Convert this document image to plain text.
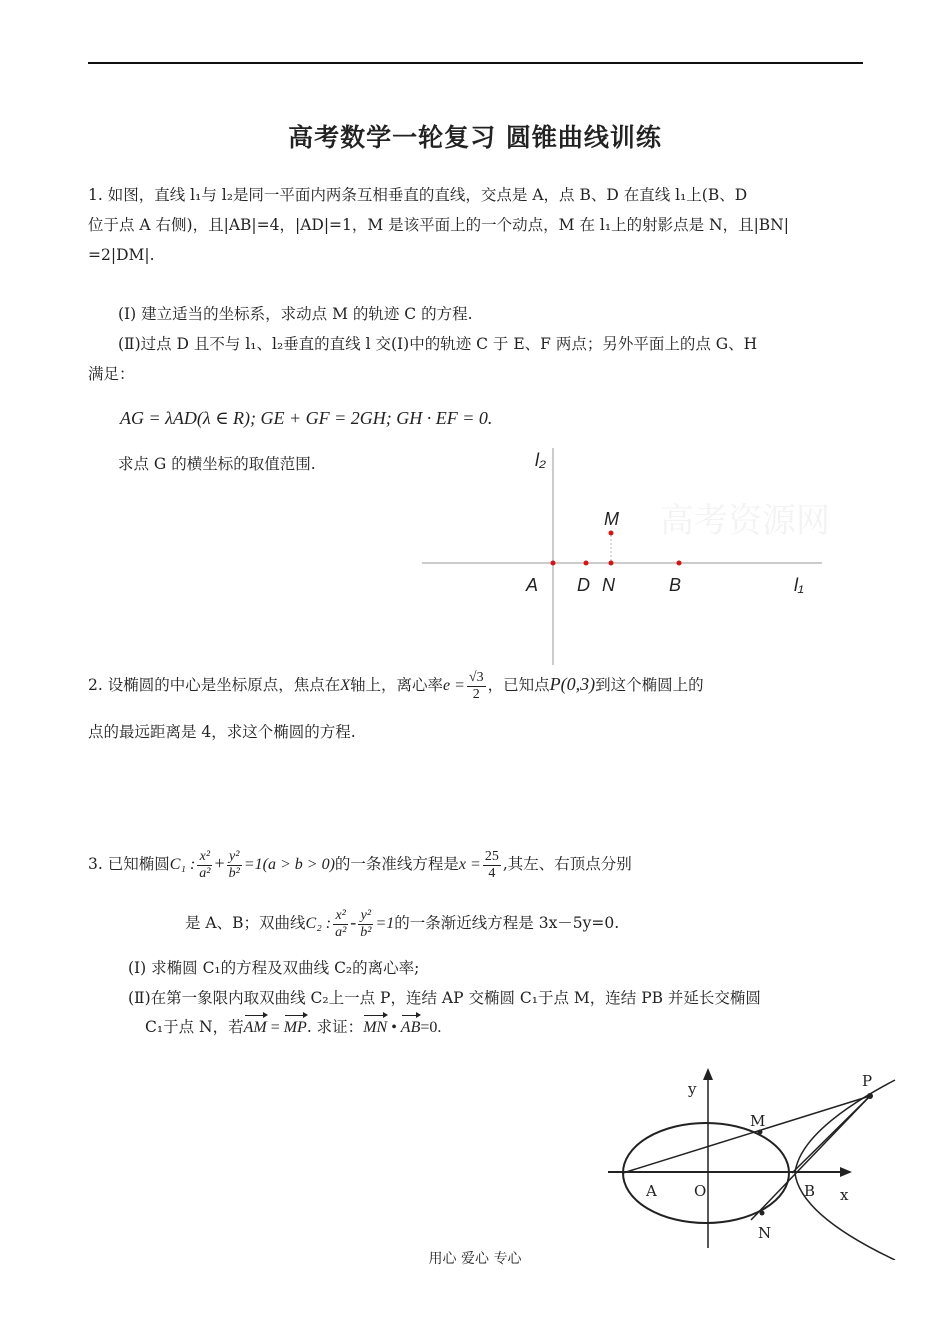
高考数学一轮复习 圆锥曲线训练
1. 如图，直线 l₁与 l₂是同一平面内两条互相垂直的直线，交点是 A，点 B、D 在直线 l₁上(B、D
位于点 A 右侧)，且|AB|=4，|AD|=1，M 是该平面上的一个动点，M 在 l₁上的射影点是 N，且|BN|
=2|DM|.
(Ⅰ) 建立适当的坐标系，求动点 M 的轨迹 C 的方程.
(Ⅱ)过点 D 且不与 l₁、l₂垂直的直线 l 交(Ⅰ)中的轨迹 C 于 E、F 两点；另外平面上的点 G、H
满足：
AG = λAD(λ ∈ R); GE + GF = 2GH; GH · EF = 0.
求点 G 的横坐标的取值范围.
高考资源网
l₂
M
A D N	B	l₁
2. 设椭圆的中心是坐标原点，焦点在X轴上，离心率$e = \frac{√3}{2}$ ，已知点P(0,3)到这个椭圆上的
点的最远距离是 4，求这个椭圆的方程.
3. 已知椭圆C₁ : $\frac{\text{x²}}{\text{a²}} + \frac{\text{y²}}{\text{b²}} =1(a > b > 0)$的一条准线方程是$x = \frac{25}{4}$ ,其左、右顶点分别
是 A、B；双曲线C₂ : $\frac{\text{x²}}{\text{a²}} - \frac{\text{y²}}{\text{b²}} =1$的一条渐近线方程是 3x－5y=0.
(Ⅰ) 求椭圆 C₁的方程及双曲线 C₂的离心率;
(Ⅱ)在第一象限内取双曲线 C₂上一点 P，连结 AP 交椭圆 C₁于点 M，连结 PB 并延长交椭圆
C₁于点 N，若AM = MP. 求证：MN • AB=0.
y
x
P
M
A O	B
N
用心 爱心 专心
